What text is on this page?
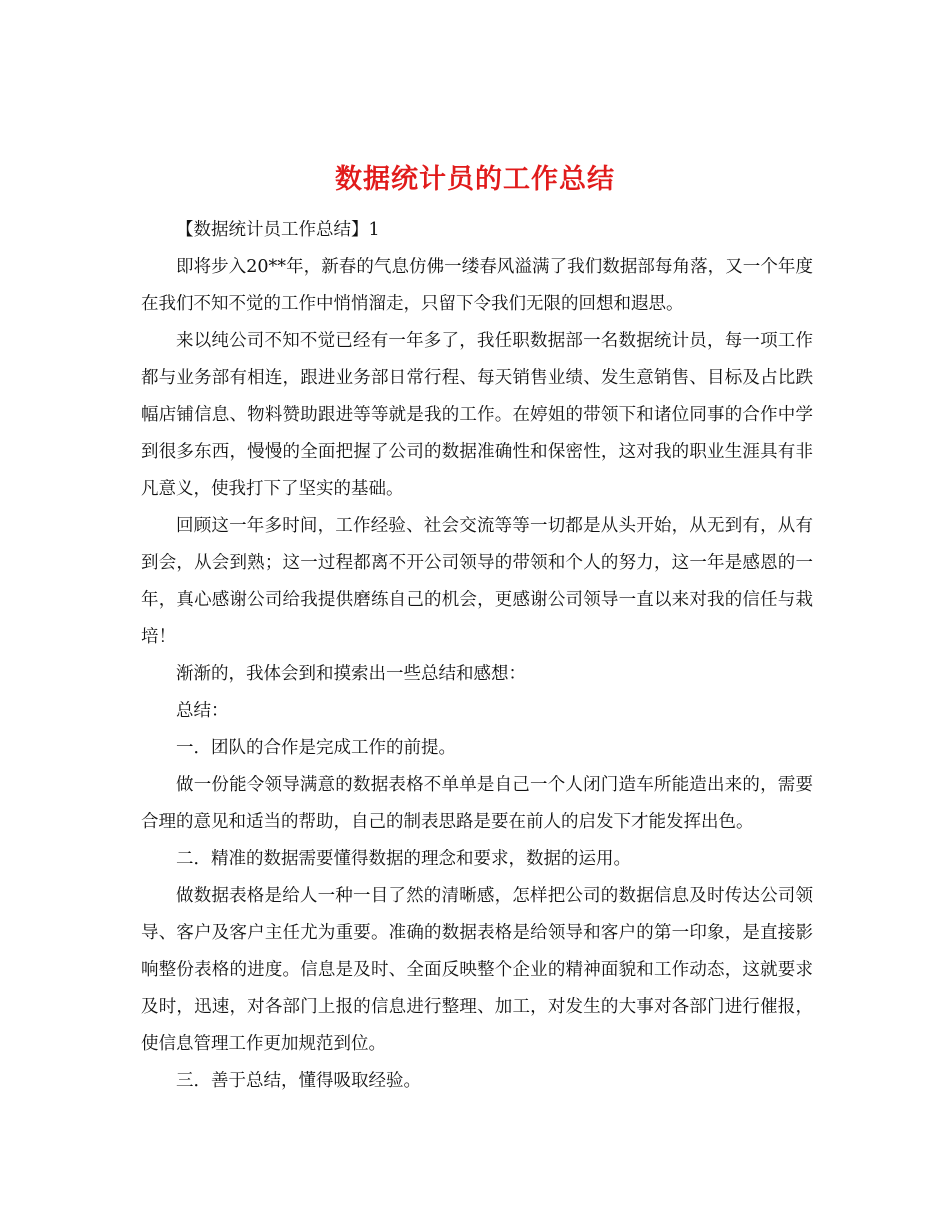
数据统计员的工作总结

【数据统计员工作总结】1

即将步入20**年，新春的气息仿佛一缕春风溢满了我们数据部每角落，又一个年度在我们不知不觉的工作中悄悄溜走，只留下令我们无限的回想和遐思。

来以纯公司不知不觉已经有一年多了，我任职数据部一名数据统计员，每一项工作都与业务部有相连，跟进业务部日常行程、每天销售业绩、发生意销售、目标及占比跌幅店铺信息、物料赞助跟进等等就是我的工作。在婷姐的带领下和诸位同事的合作中学到很多东西，慢慢的全面把握了公司的数据准确性和保密性，这对我的职业生涯具有非凡意义，使我打下了坚实的基础。

回顾这一年多时间，工作经验、社会交流等等一切都是从头开始，从无到有，从有到会，从会到熟；这一过程都离不开公司领导的带领和个人的努力，这一年是感恩的一年，真心感谢公司给我提供磨练自己的机会，更感谢公司领导一直以来对我的信任与栽培！

渐渐的，我体会到和摸索出一些总结和感想：

总结：

一．团队的合作是完成工作的前提。

做一份能令领导满意的数据表格不单单是自己一个人闭门造车所能造出来的，需要合理的意见和适当的帮助，自己的制表思路是要在前人的启发下才能发挥出色。

二．精准的数据需要懂得数据的理念和要求，数据的运用。

做数据表格是给人一种一目了然的清晰感，怎样把公司的数据信息及时传达公司领导、客户及客户主任尤为重要。准确的数据表格是给领导和客户的第一印象，是直接影响整份表格的进度。信息是及时、全面反映整个企业的精神面貌和工作动态，这就要求及时，迅速，对各部门上报的信息进行整理、加工，对发生的大事对各部门进行催报，使信息管理工作更加规范到位。

三．善于总结，懂得吸取经验。
